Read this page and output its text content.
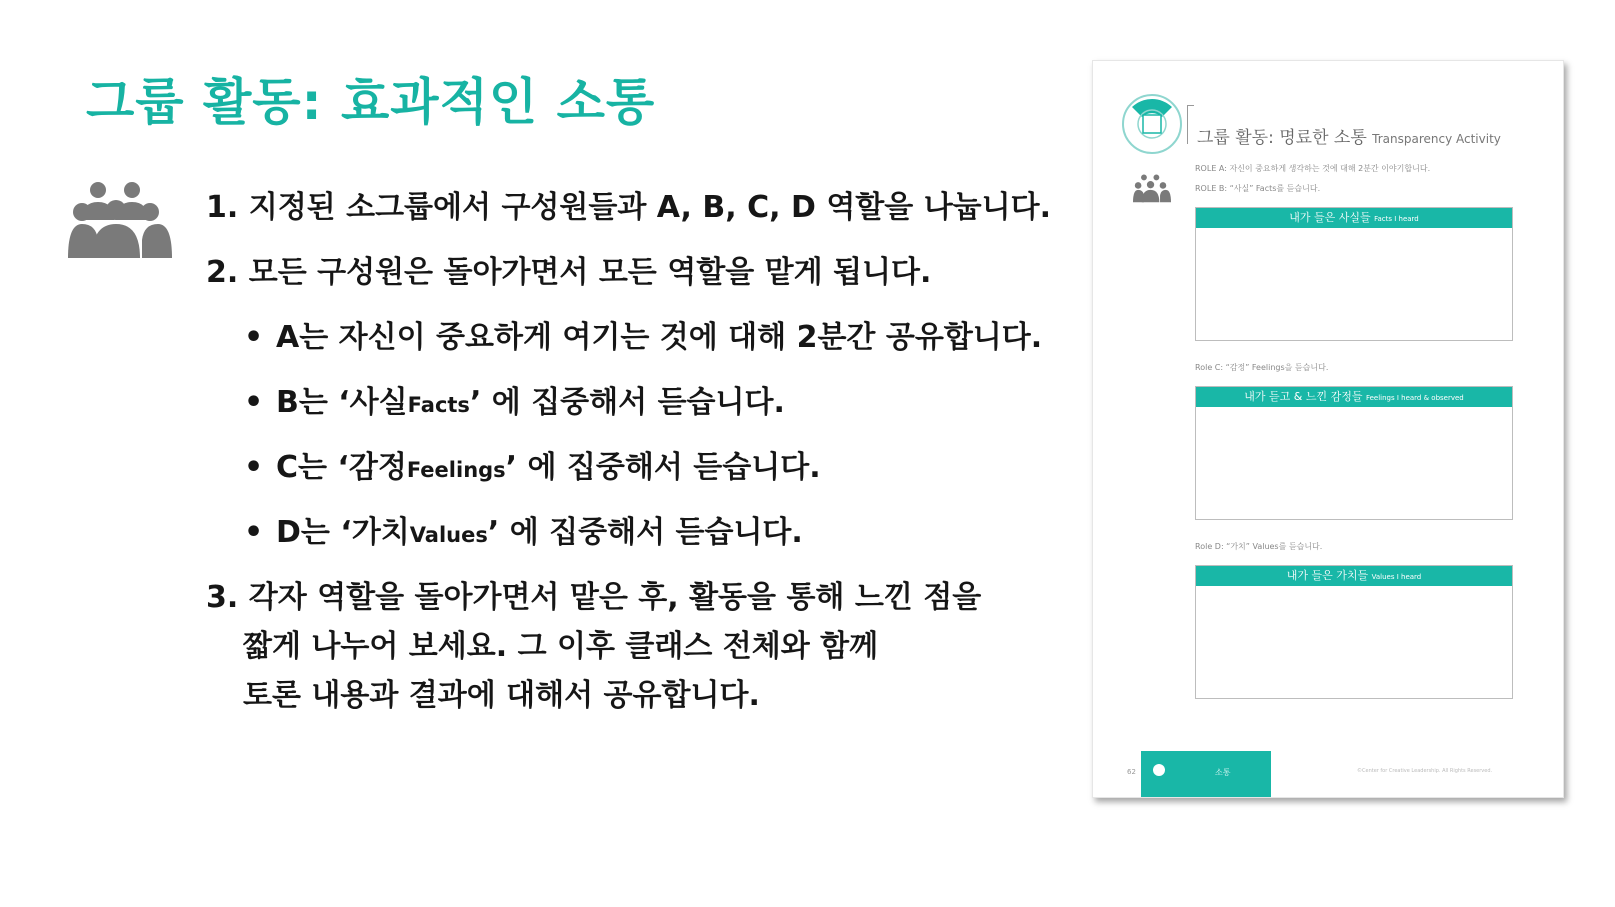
그룹 활동: 효과적인 소통
1. 지정된 소그룹에서 구성원들과 A, B, C, D 역할을 나눕니다.
2. 모든 구성원은 돌아가면서 모든 역할을 맡게 됩니다.
• A는 자신이 중요하게 여기는 것에 대해 2분간 공유합니다.
• B는 ‘사실Facts’ 에 집중해서 듣습니다.
• C는 ‘감정Feelings’ 에 집중해서 듣습니다.
• D는 ‘가치Values’ 에 집중해서 듣습니다.
3. 각자 역할을 돌아가면서 맡은 후, 활동을 통해 느낀 점을
짧게 나누어 보세요. 그 이후 클래스 전체와 함께
토론 내용과 결과에 대해서 공유합니다.
그룹 활동: 명료한 소통 Transparency Activity
ROLE A: 자신이 중요하게 생각하는 것에 대해 2분간 이야기합니다.
ROLE B: “사실” Facts를 듣습니다.
내가 들은 사실들 Facts I heard
Role C: “감정” Feelings을 듣습니다.
내가 듣고 & 느낀 감정들 Feelings I heard & observed
Role D: “가치” Values를 듣습니다.
내가 들은 가치들 Values I heard
62	소통	©Center for Creative Leadership. All Rights Reserved.
